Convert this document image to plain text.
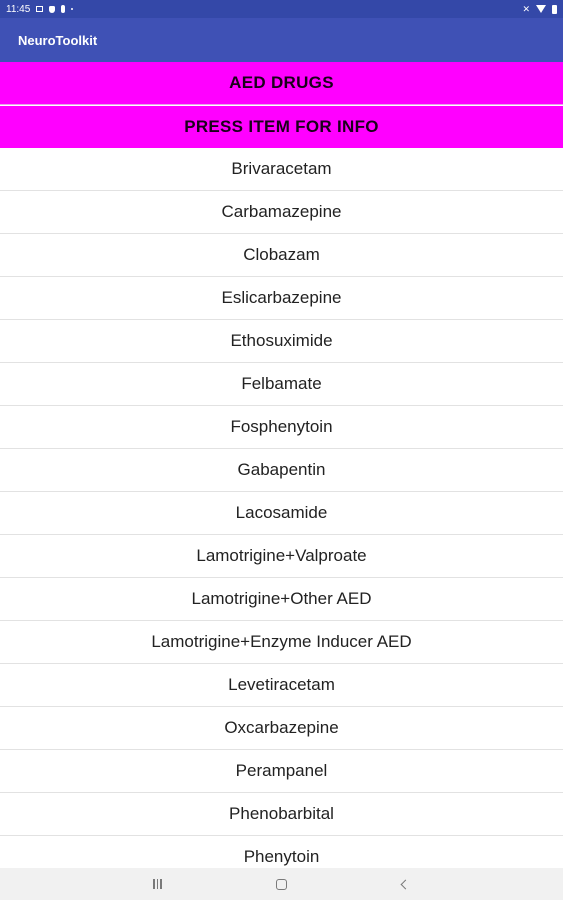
11:45	✕
NeuroToolkit
AED DRUGS
PRESS ITEM FOR INFO
Brivaracetam
Carbamazepine
Clobazam
Eslicarbazepine
Ethosuximide
Felbamate
Fosphenytoin
Gabapentin
Lacosamide
Lamotrigine+Valproate
Lamotrigine+Other AED
Lamotrigine+Enzyme Inducer AED
Levetiracetam
Oxcarbazepine
Perampanel
Phenobarbital
Phenytoin
